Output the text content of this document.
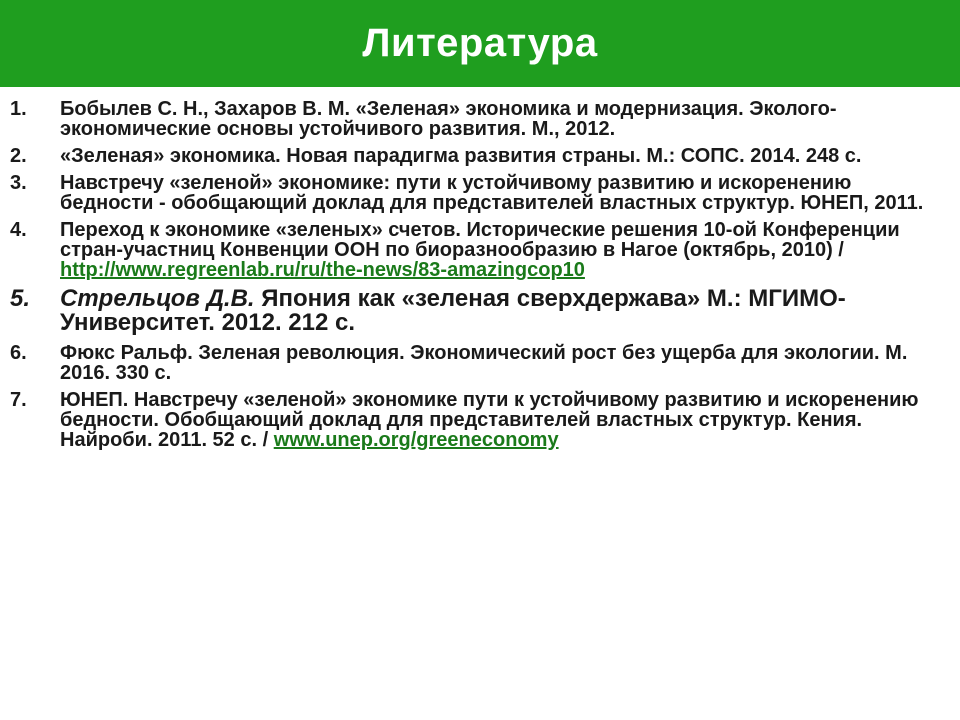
Литература
1. Бобылев С. Н., Захаров В. М. «Зеленая» экономика и модернизация. Эколого-экономические основы устойчивого развития. М., 2012.
2. «Зеленая» экономика. Новая парадигма развития страны. М.: СОПС. 2014. 248 с.
3. Навстречу «зеленой» экономике: пути к устойчивому развитию и искоренению бедности - обобщающий доклад для представителей властных структур. ЮНЕП, 2011.
4. Переход к экономике «зеленых» счетов. Исторические решения 10-ой Конференции стран-участниц Конвенции ООН по биоразнообразию в Нагое (октябрь, 2010) / http://www.regreenlab.ru/ru/the-news/83-amazingcop10
5. Стрельцов Д.В. Япония как «зеленая сверхдержава» М.: МГИМО-Университет. 2012. 212 с.
6. Фюкс Ральф. Зеленая революция. Экономический рост без ущерба для экологии. М. 2016. 330 с.
7. ЮНЕП. Навстречу «зеленой» экономике пути к устойчивому развитию и искоренению бедности. Обобщающий доклад для представителей властных структур. Кения. Найроби. 2011. 52 с. / www.unep.org/greeneconomy
